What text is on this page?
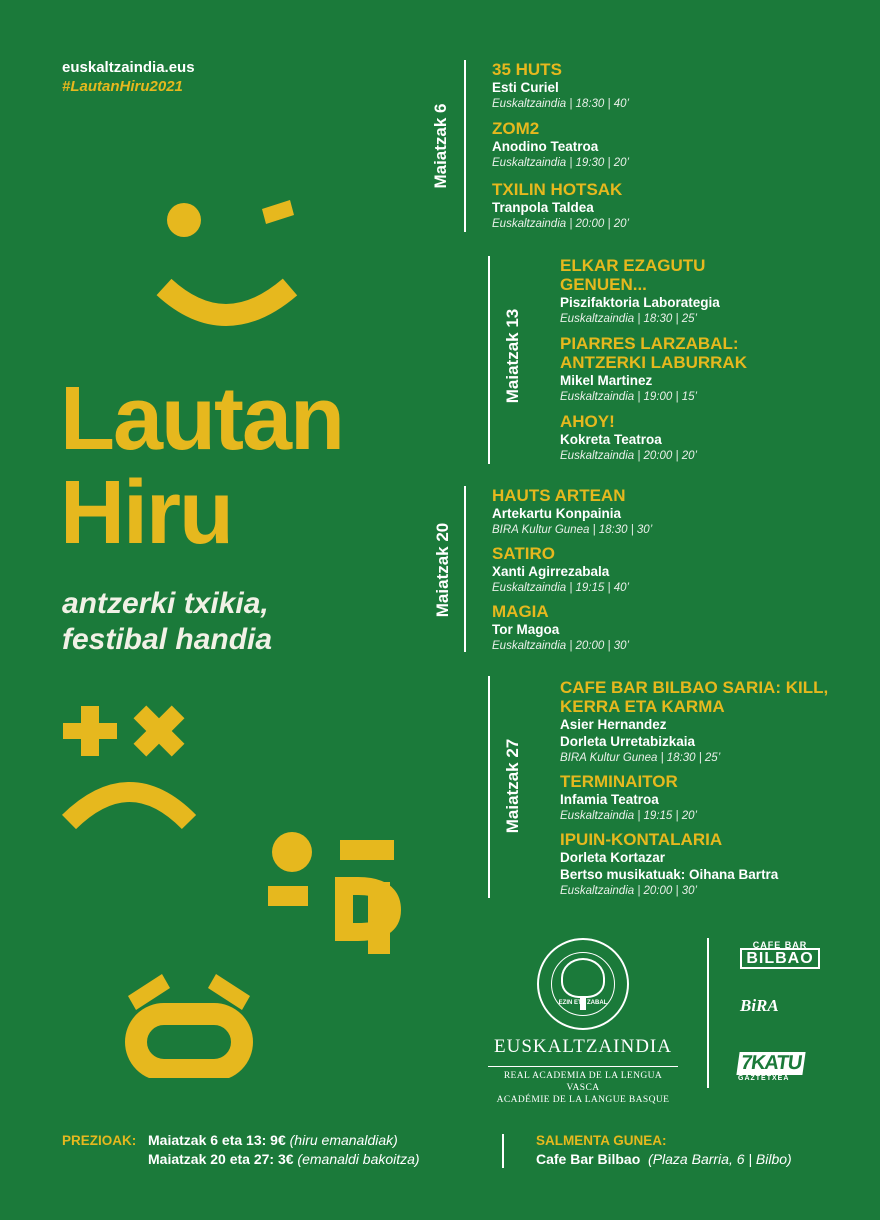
euskaltzaindia.eus
#LautanHiru2021
Lautan
Hiru
antzerki txikia,
festibal handia
Maiatzak 6
35 HUTS
Esti Curiel
Euskaltzaindia | 18:30 | 40’
ZOM2
Anodino Teatroa
Euskaltzaindia | 19:30 | 20’
TXILIN HOTSAK
Tranpola Taldea
Euskaltzaindia | 20:00 | 20’
Maiatzak 13
ELKAR EZAGUTU GENUEN...
Piszifaktoria Laborategia
Euskaltzaindia | 18:30 | 25’
PIARRES LARZABAL: ANTZERKI LABURRAK
Mikel Martinez
Euskaltzaindia | 19:00 | 15’
AHOY!
Kokreta Teatroa
Euskaltzaindia | 20:00 | 20’
Maiatzak 20
HAUTS ARTEAN
Artekartu Konpainia
BIRA Kultur Gunea | 18:30 | 30’
SATIRO
Xanti Agirrezabala
Euskaltzaindia | 19:15 | 40’
MAGIA
Tor Magoa
Euskaltzaindia | 20:00 | 30’
Maiatzak 27
CAFE BAR BILBAO SARIA: KILL, KERRA ETA KARMA
Asier Hernandez
Dorleta Urretabizkaia
BIRA Kultur Gunea | 18:30 | 25’
TERMINAITOR
Infamia Teatroa
Euskaltzaindia | 19:15 | 20’
IPUIN-KONTALARIA
Dorleta Kortazar
Bertso musikatuak: Oihana Bartra
Euskaltzaindia | 20:00 | 30’
EZIN ETA ZABAL
EUSKALTZAINDIA
REAL ACADEMIA DE LA LENGUA VASCA
ACADÉMIE DE LA LANGUE BASQUE
CAFE BAR
BILBAO
BiRA
7KATU
GAZTETXEA
PREZIOAK: Maiatzak 6 eta 13: 9€ (hiru emanaldiak)
Maiatzak 20 eta 27: 3€ (emanaldi bakoitza)
SALMENTA GUNEA:
Cafe Bar Bilbao (Plaza Barria, 6 | Bilbo)
